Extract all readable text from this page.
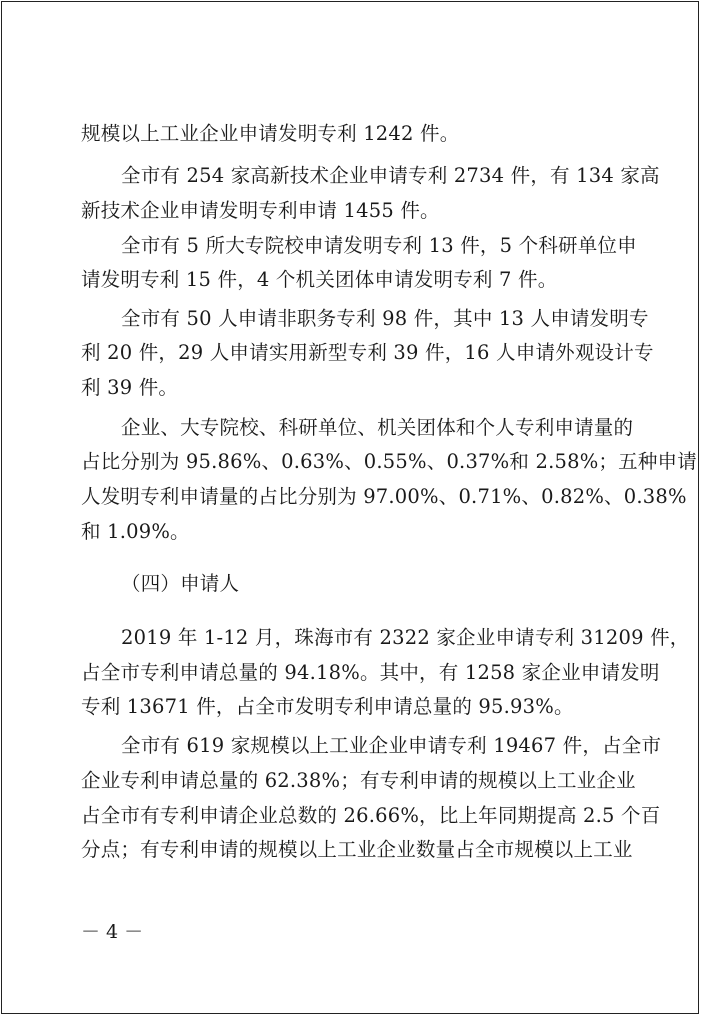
规模以上工业企业申请发明专利 1242 件。
全市有 254 家高新技术企业申请专利 2734 件，有 134 家高
新技术企业申请发明专利申请 1455 件。
全市有 5 所大专院校申请发明专利 13 件，5 个科研单位申
请发明专利 15 件，4 个机关团体申请发明专利 7 件。
全市有 50 人申请非职务专利 98 件，其中 13 人申请发明专
利 20 件，29 人申请实用新型专利 39 件，16 人申请外观设计专
利 39 件。
企业、大专院校、科研单位、机关团体和个人专利申请量的
占比分别为 95.86%、0.63%、0.55%、0.37%和 2.58%；五种申请
人发明专利申请量的占比分别为 97.00%、0.71%、0.82%、0.38%
和 1.09%。
（四）申请人
2019 年 1-12 月，珠海市有 2322 家企业申请专利 31209 件，
占全市专利申请总量的 94.18%。其中，有 1258 家企业申请发明
专利 13671 件，占全市发明专利申请总量的 95.93%。
全市有 619 家规模以上工业企业申请专利 19467 件，占全市
企业专利申请总量的 62.38%；有专利申请的规模以上工业企业
占全市有专利申请企业总数的 26.66%，比上年同期提高 2.5 个百
分点；有专利申请的规模以上工业企业数量占全市规模以上工业
－ 4 －
